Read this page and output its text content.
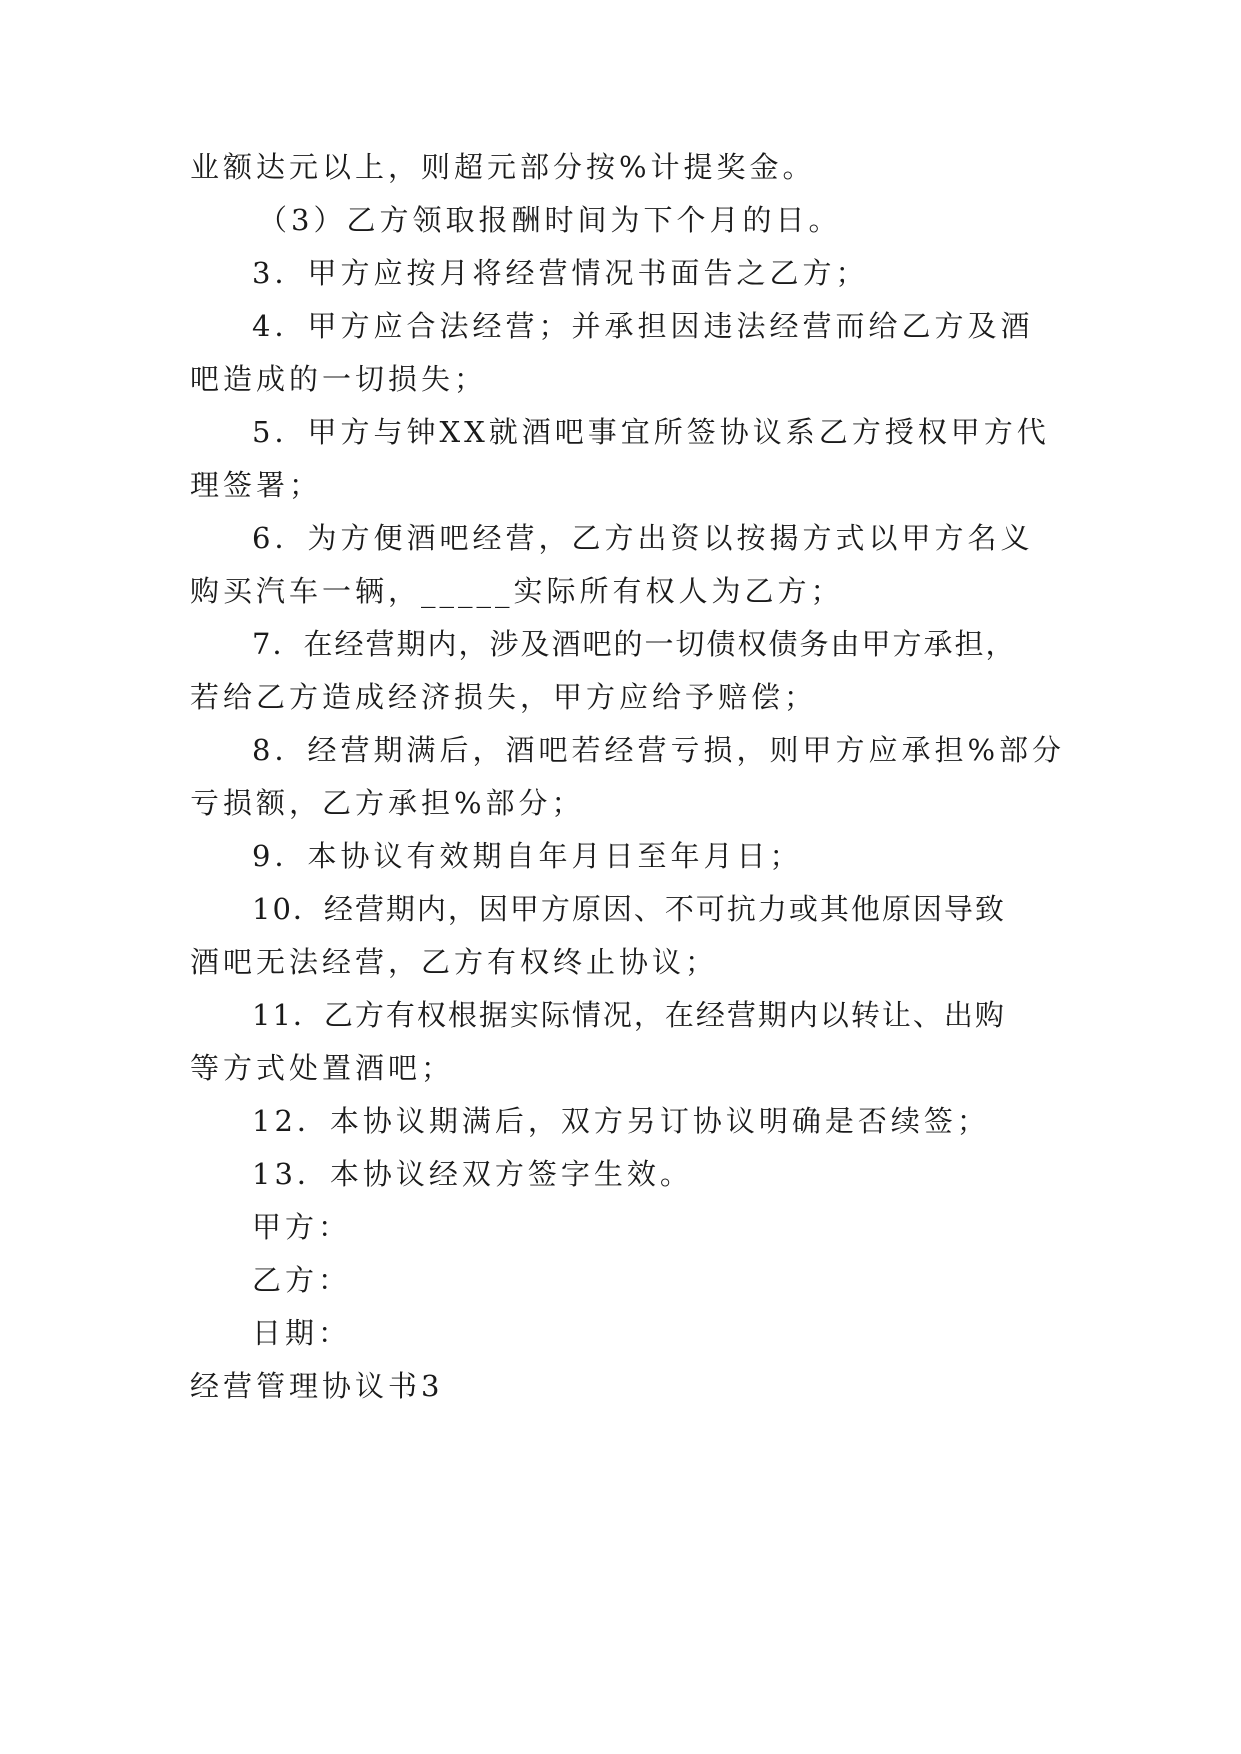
业额达元以上，则超元部分按%计提奖金。
（3）乙方领取报酬时间为下个月的日。
3．甲方应按月将经营情况书面告之乙方；
4．甲方应合法经营；并承担因违法经营而给乙方及酒
吧造成的一切损失；
5．甲方与钟XX就酒吧事宜所签协议系乙方授权甲方代
理签署；
6．为方便酒吧经营，乙方出资以按揭方式以甲方名义
购买汽车一辆，_____实际所有权人为乙方；
7．在经营期内，涉及酒吧的一切债权债务由甲方承担，
若给乙方造成经济损失，甲方应给予赔偿；
8．经营期满后，酒吧若经营亏损，则甲方应承担%部分
亏损额，乙方承担%部分；
9．本协议有效期自年月日至年月日；
10．经营期内，因甲方原因、不可抗力或其他原因导致
酒吧无法经营，乙方有权终止协议；
11．乙方有权根据实际情况，在经营期内以转让、出购
等方式处置酒吧；
12．本协议期满后，双方另订协议明确是否续签；
13．本协议经双方签字生效。
甲方：
乙方：
日期：
经营管理协议书3
